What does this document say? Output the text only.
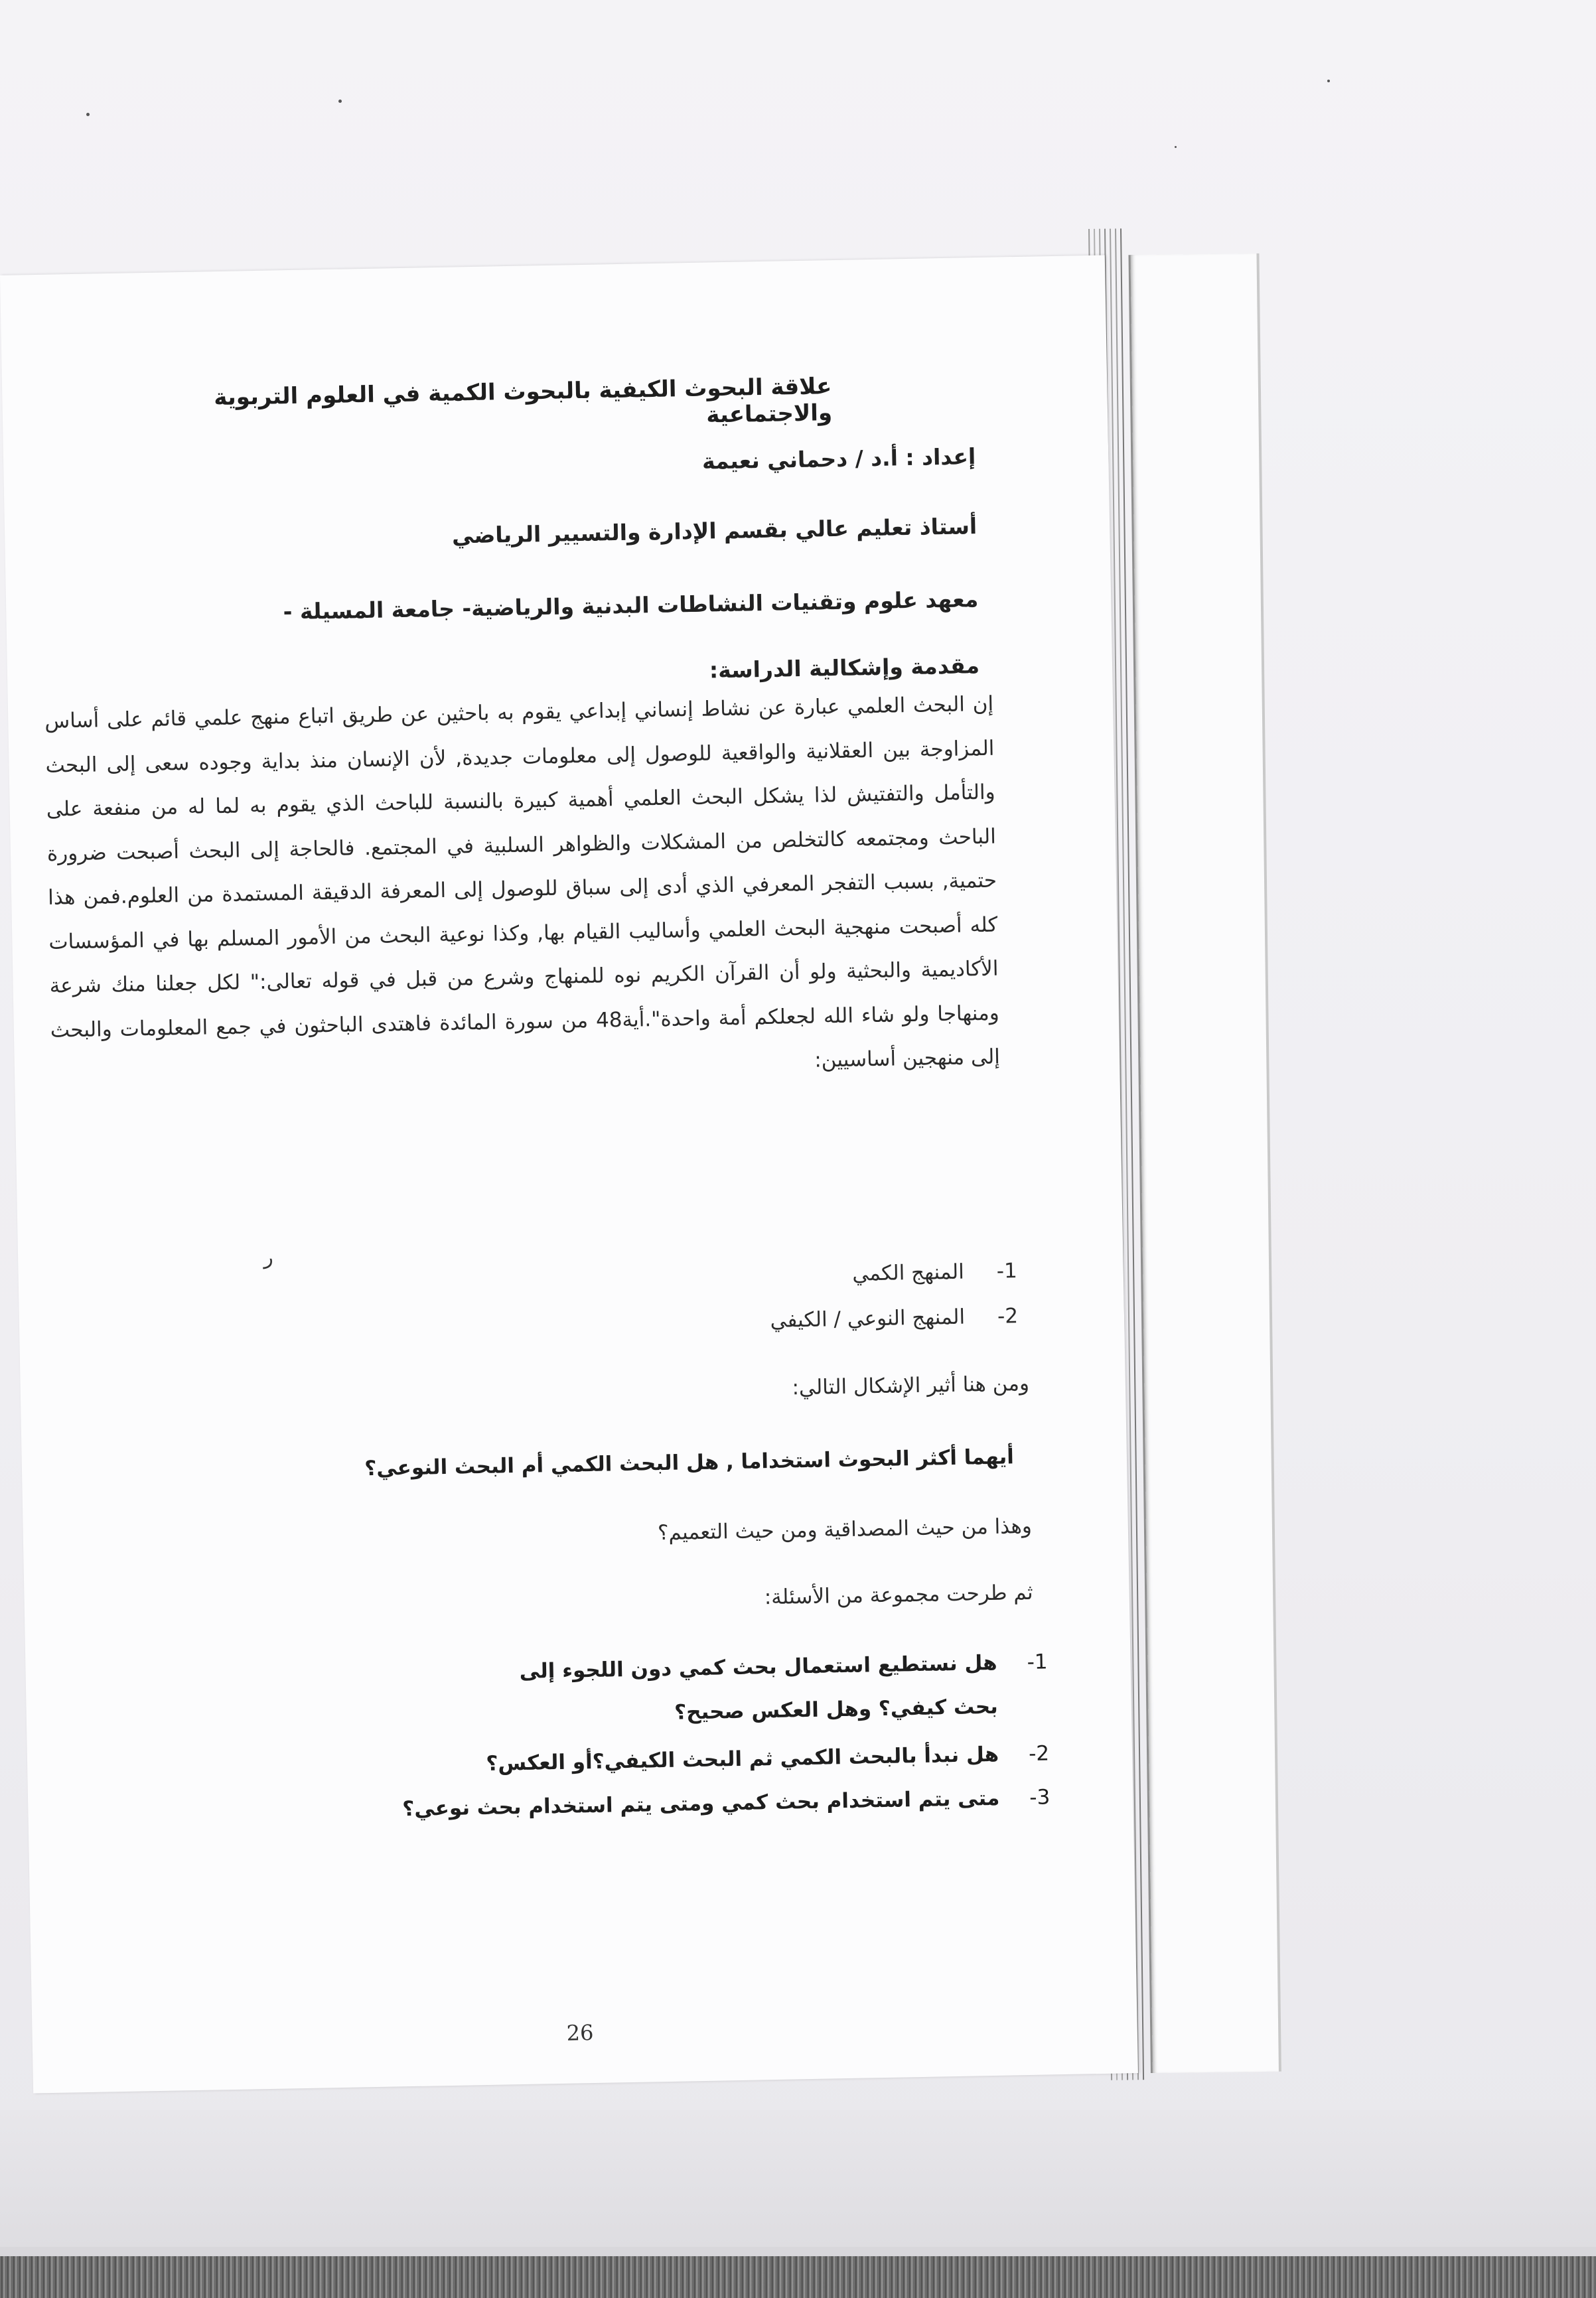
علاقة البحوث الكيفية بالبحوث الكمية في العلوم التربوية والاجتماعية
إعداد : أ.د / دحماني نعيمة
أستاذ تعليم عالي بقسم الإدارة والتسيير الرياضي
معهد علوم وتقنيات النشاطات البدنية والرياضية- جامعة المسيلة -
مقدمة وإشكالية الدراسة:
إن البحث العلمي عبارة عن نشاط إنساني إبداعي يقوم به باحثين عن طريق اتباع منهج علمي قائم على أساس المزاوجة بين العقلانية والواقعية للوصول إلى معلومات جديدة, لأن الإنسان منذ بداية وجوده سعى إلى البحث والتأمل والتفتيش لذا يشكل البحث العلمي أهمية كبيرة بالنسبة للباحث الذي يقوم به لما له من منفعة على الباحث ومجتمعه كالتخلص من المشكلات والظواهر السلبية في المجتمع. فالحاجة إلى البحث أصبحت ضرورة حتمية, بسبب التفجر المعرفي الذي أدى إلى سباق للوصول إلى المعرفة الدقيقة المستمدة من العلوم.فمن هذا كله أصبحت منهجية البحث العلمي وأساليب القيام بها, وكذا نوعية البحث من الأمور المسلم بها في المؤسسات الأكاديمية والبحثية ولو أن القرآن الكريم نوه للمنهاج وشرع من قبل في قوله تعالى:" لكل جعلنا منك شرعة ومنهاجا ولو شاء الله لجعلكم أمة واحدة".أية48 من سورة المائدة فاهتدى الباحثون في جمع المعلومات والبحث إلى منهجين أساسيين:
-1
المنهج الكمي
-2
المنهج النوعي / الكيفي
ر
ومن هنا أثير الإشكال التالي:
أيهما أكثر البحوث استخداما , هل البحث الكمي أم البحث النوعي؟
وهذا من حيث المصداقية ومن حيث التعميم؟
ثم طرحت مجموعة من الأسئلة:
-1
هل نستطيع استعمال بحث كمي دون اللجوء إلى بحث كيفي؟ وهل العكس صحيح؟
-2
هل نبدأ بالبحث الكمي ثم البحث الكيفي؟أو العكس؟
-3
متى يتم استخدام بحث كمي ومتى يتم استخدام بحث نوعي؟
26
